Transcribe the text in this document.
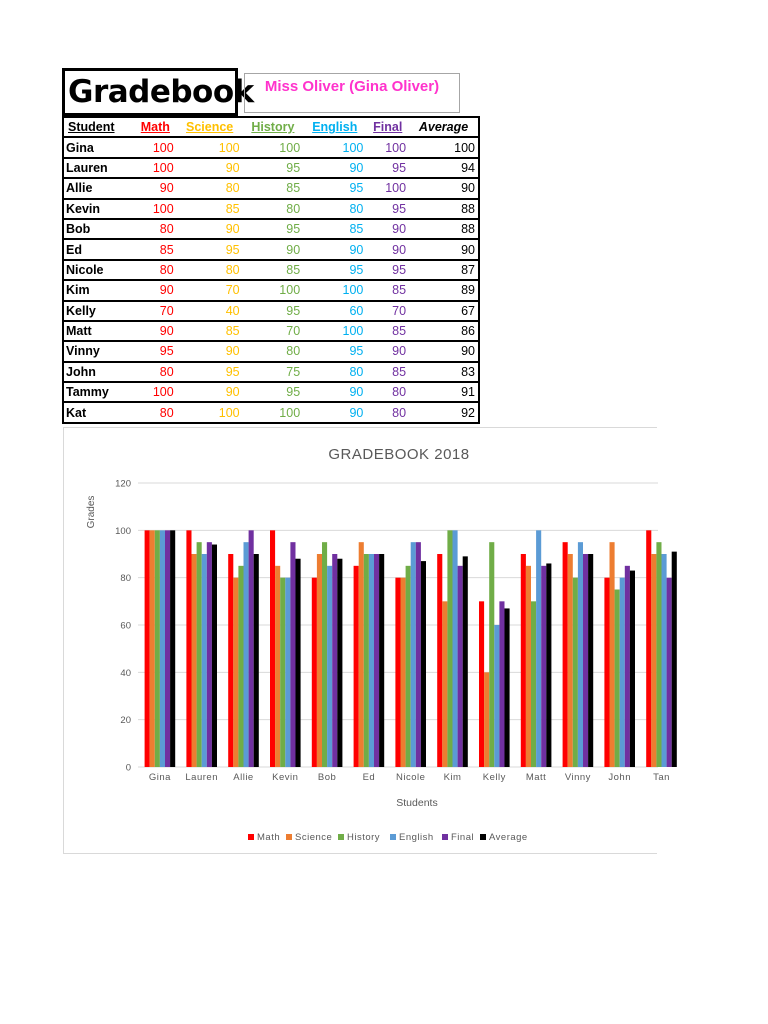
Gradebook Miss Oliver (Gina Oliver)
Student	Math	Science	History	English	Final	Average
Gina	100	100	100	100	100	100
Lauren	100	90	95	90	95	94
Allie	90	80	85	95	100	90
Kevin	100	85	80	80	95	88
Bob	80	90	95	85	90	88
Ed	85	95	90	90	90	90
Nicole	80	80	85	95	95	87
Kim	90	70	100	100	85	89
Kelly	70	40	95	60	70	67
Matt	90	85	70	100	85	86
Vinny	95	90	80	95	90	90
John	80	95	75	80	85	83
Tammy	100	90	95	90	80	91
Kat	80	100	100	90	80	92
GRADEBOOK 2018
Grades
Students
0
20
40
60
80
100
120
Gina Lauren Allie Kevin Bob	Ed Nicole Kim Kelly Matt Vinny John Tan
Math Science History English Final Average
